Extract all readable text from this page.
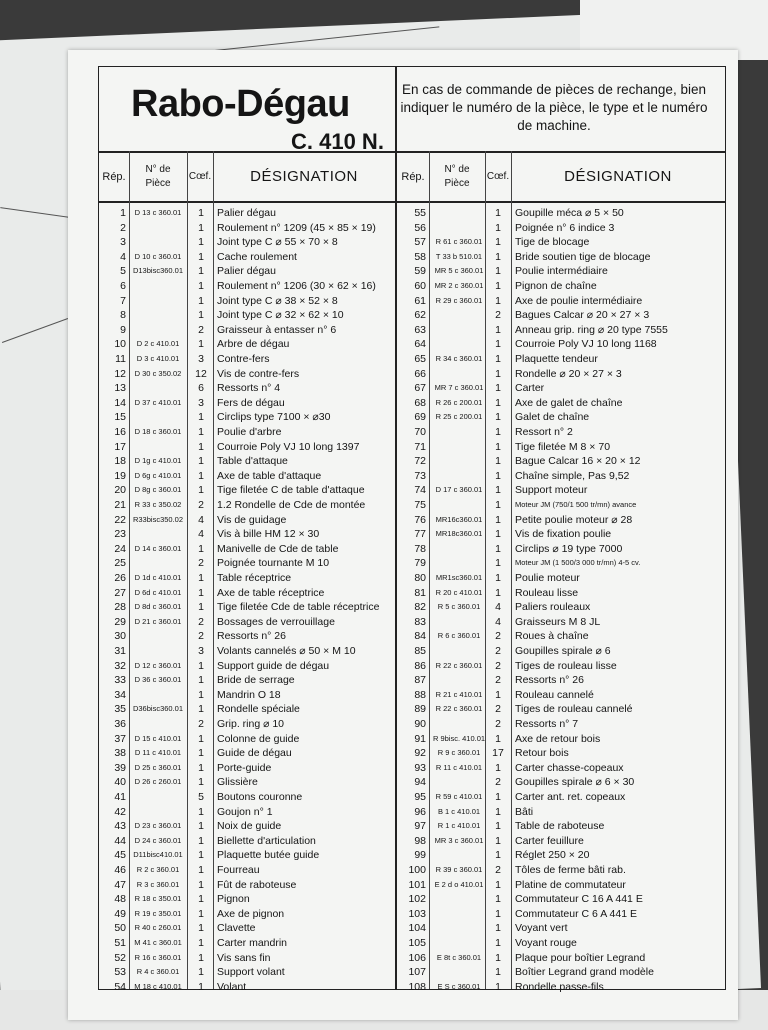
Rabo-Dégau
C. 410 N.
En cas de commande de pièces de rechange, bien indiquer le numéro de la pièce, le type et le numéro de machine.
Rép.
N° de
Pièce
Cœf.	DÉSIGNATION	Rép.
N° de
Pièce
Cœf.	DÉSIGNATION
1	D 13 c 360.01	1	Palier dégau
2	1	Roulement n° 1209 (45 × 85 × 19)
3	1	Joint type C ⌀ 55 × 70 × 8
4	D 10 c 360.01	1	Cache roulement
5 D13bisc360.01	1	Palier dégau
6	1	Roulement n° 1206 (30 × 62 × 16)
7	1	Joint type C ⌀ 38 × 52 × 8
8	1	Joint type C ⌀ 32 × 62 × 10
9	2	Graisseur à entasser n° 6
10	D 2 c 410.01	1	Arbre de dégau
11	D 3 c 410.01	3	Contre-fers
12	D 30 c 350.02	12 Vis de contre-fers
13	6	Ressorts n° 4
14	D 37 c 410.01	3	Fers de dégau
15	1	Circlips type 7100 × ⌀30
16	D 18 c 360.01	1	Poulie d'arbre
17	1	Courroie Poly VJ 10 long 1397
18	D 1g c 410.01	1	Table d'attaque
19	D 6g c 410.01	1	Axe de table d'attaque
20	D 8g c 360.01	1	Tige filetée C de table d'attaque
21	R 33 c 350.02	2	1.2 Rondelle de Cde de montée
22 R33bisc350.02	4	Vis de guidage
23	4	Vis à bille HM 12 × 30
24	D 14 c 360.01	1	Manivelle de Cde de table
25	2	Poignée tournante M 10
26	D 1d c 410.01	1	Table réceptrice
27	D 6d c 410.01	1	Axe de table réceptrice
28	D 8d c 360.01	1	Tige filetée Cde de table réceptrice
29	D 21 c 360.01	2	Bossages de verrouillage
30	2	Ressorts n° 26
31	3	Volants cannelés ⌀ 50 × M 10
32	D 12 c 360.01	1	Support guide de dégau
33	D 36 c 360.01	1	Bride de serrage
34	1	Mandrin O 18
35 D36bisc360.01	1	Rondelle spéciale
36	2	Grip. ring ⌀ 10
37	D 15 c 410.01	1	Colonne de guide
38	D 11 c 410.01	1	Guide de dégau
39	D 25 c 360.01	1	Porte-guide
40	D 26 c 260.01	1	Glissière
41	5	Boutons couronne
42	1	Goujon n° 1
43	D 23 c 360.01	1	Noix de guide
44	D 24 c 360.01	1	Biellette d'articulation
45 D11bisc410.01	1	Plaquette butée guide
46	R 2 c 360.01	1	Fourreau
47	R 3 c 360.01	1	Fût de raboteuse
48	R 18 c 350.01	1	Pignon
49	R 19 c 350.01	1	Axe de pignon
50	R 40 c 260.01	1	Clavette
51	M 41 c 360.01	1	Carter mandrin
52	R 16 c 360.01	1	Vis sans fin
53	R 4 c 360.01	1	Support volant
54	M 18 c 410.01	1	Volant
55	1	Goupille méca ⌀ 5 × 50
56	1	Poignée n° 6 indice 3
57	R 61 c 360.01	1	Tige de blocage
58	T 33 b 510.01	1	Bride soutien tige de blocage
59	MR 5 c 360.01	1	Poulie intermédiaire
60	MR 2 c 360.01	1	Pignon de chaîne
61	R 29 c 360.01	1	Axe de poulie intermédiaire
62	2	Bagues Calcar ⌀ 20 × 27 × 3
63	1	Anneau grip. ring ⌀ 20 type 7555
64	1	Courroie Poly VJ 10 long 1168
65	R 34 c 360.01	1	Plaquette tendeur
66	1	Rondelle ⌀ 20 × 27 × 3
67	MR 7 c 360.01	1	Carter
68	R 26 c 200.01	1	Axe de galet de chaîne
69	R 25 c 200.01	1	Galet de chaîne
70	1	Ressort n° 2
71	1	Tige filetée M 8 × 70
72	1	Bague Calcar 16 × 20 × 12
73	1	Chaîne simple, Pas 9,52
74	D 17 c 360.01	1	Support moteur
75	1	Moteur JM (750/1 500 tr/mn) avance
76	MR16c360.01	1	Petite poulie moteur ⌀ 28
77	MR18c360.01	1	Vis de fixation poulie
78	1	Circlips ⌀ 19 type 7000
79	1	Moteur JM (1 500/3 000 tr/mn) 4-5 cv.
80	MR1sc360.01	1	Poulie moteur
81	R 20 c 410.01	1	Rouleau lisse
82	R 5 c 360.01	4	Paliers rouleaux
83	4	Graisseurs M 8 JL
84	R 6 c 360.01	2	Roues à chaîne
85	2	Goupilles spirale ⌀ 6
86	R 22 c 360.01	2	Tiges de rouleau lisse
87	2	Ressorts n° 26
88	R 21 c 410.01	1	Rouleau cannelé
89	R 22 c 360.01	2	Tiges de rouleau cannelé
90	2	Ressorts n° 7
91 R 9bisc. 410.01 1	Axe de retour bois
92	R 9 c 360.01	17	Retour bois
93	R 11 c 410.01	1	Carter chasse-copeaux
94	2	Goupilles spirale ⌀ 6 × 30
95	R 59 c 410.01	1	Carter ant. ret. copeaux
96	B 1 c 410.01	1	Bâti
97	R 1 c 410.01	1	Table de raboteuse
98	MR 3 c 360.01	1	Carter feuillure
99	1	Réglet 250 × 20
100	R 39 c 360.01	2	Tôles de ferme bâti rab.
101	E 2 d o 410.01	1	Platine de commutateur
102	1	Commutateur C 16 A 441 E
103	1	Commutateur C 6 A 441 E
104	1	Voyant vert
105	1	Voyant rouge
106	E 8t c 360.01	1	Plaque pour boîtier Legrand
107	1	Boîtier Legrand grand modèle
108	E S c 360.01	1	Rondelle passe-fils
